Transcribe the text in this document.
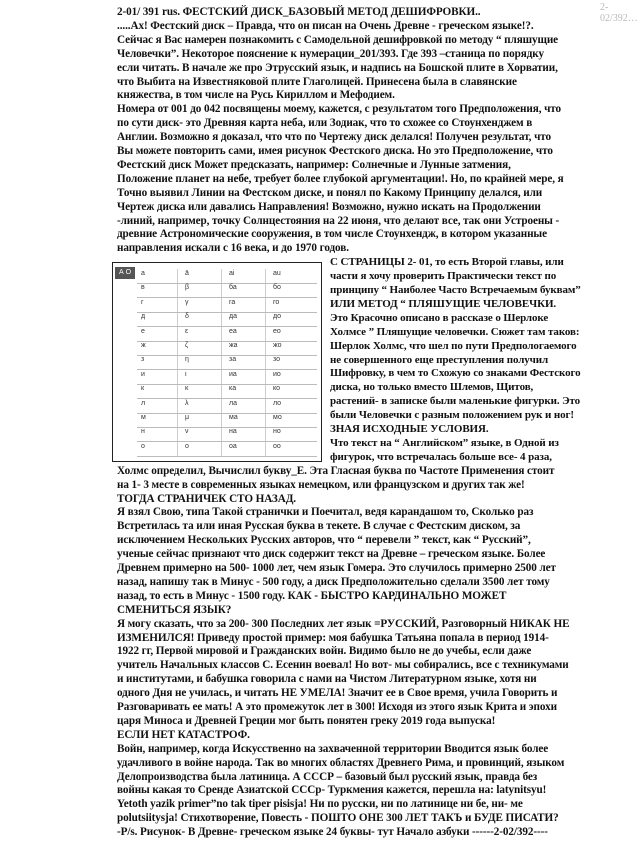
2-02/392…
2-01/ 391 rus. ФЕСТСКИЙ ДИСК_БАЗОВЫЙ МЕТОД ДЕШИФРОВКИ..
.....Ах! Фестский диск – Правда, что он писан на Очень Древне - греческом языке!?.
Сейчас я Вас намерен познакомить с Самодельной дешифровкой по методу “ пляшущие
Человечки”. Некоторое пояснение к нумерации_201/393. Где 393 –станица по порядку
если читать. В начале же про Этрусский язык, и надпись на Бошской плите в Хорватии,
что Выбита на Известняковой плите Глаголицей. Принесена была в славянские
княжества, в том числе на Русь Кириллом и Мефодием.
Номера от 001 до 042 посвящены моему, кажется, с результатом того Предположения, что
по сути диск- это Древняя карта неба, или Зодиак, что то схожее со Стоунхенджем в
Англии. Возможно я доказал, что что по Чертежу диск делался! Получен результат, что
Вы можете повторить сами, имея рисунок Фестского диска. Но это Предположение, что
Фестский диск Может предсказать, например: Солнечные и Лунные затмения,
Положение планет на небе, требует более глубокой аргументации!. Но, по крайней мере, я
Точно выявил Линии на Фестском диске, и понял по Какому Принципу делался, или
Чертеж диска или давались Направления! Возможно, нужно искать на Продолжении
-линий, например, точку Солнцестояния на 22 июня, что делают все, так они Устроены -
древние Астрономические сооружения, в том числе Стоунхендж, в котором указанные
направления искали с 16 века, и до 1970 годов.
С СТРАНИЦЫ 2- 01, то есть Второй главы, или
части я хочу проверить Практически текст по
принципу “ Наиболее Часто Встречаемым буквам”
ИЛИ МЕТОД “ ПЛЯШУЩИЕ ЧЕЛОВЕЧКИ.
Это Красочно описано в рассказе о Шерлоке
Холмсе ” Пляшущие человечки. Сюжет там таков:
Шерлок Холмс, что шел по пути Предпологаемого
не совершенного еще преступления получил
Шифровку, в чем то Схожую со знаками Фестского
диска, но только вместо Шлемов, Щитов,
растений- в записке были маленькие фигурки. Это
были Человечки с разным положением рук и ног!
ЗНАЯ ИСХОДНЫЕ УСЛОВИЯ.
Что текст на “ Английском” языке, в Одной из
фигурок, что встречалась больше все- 4 раза,
Холмс определил, Вычислил букву_Е. Эта Гласная буква по Частоте Применения стоит
на 1- 3 месте в современных языках немецком, или французском и других так же!
ТОГДА СТРАНИЧЕК СТО НАЗАД.
Я взял Свою, типа Такой странички и Поечитал, ведя карандашом то, Сколько раз
Встретилась та или иная Русская буква в текете. В случае с Фестским диском, за
исключением Нескольких Русских авторов, что “ перевели ” текст, как “ Русский”,
ученые сейчас признают что диск содержит текст на Древне – греческом языке. Более
Древнем примерно на 500- 1000 лет, чем язык Гомера. Это случилось примерно 2500 лет
назад, напишу так в Минус - 500 году, а диск Предположительно сделали 3500 лет тому
назад, то есть в Минус - 1500 году. КАК - БЫСТРО КАРДИНАЛЬНО МОЖЕТ
СМЕНИТЬСЯ ЯЗЫК?
Я могу сказать, что за 200- 300 Последних лет язык =РУССКИЙ, Разговорный НИКАК НЕ
ИЗМЕНИЛСЯ! Приведу простой пример: моя бабушка Татьяна попала в период 1914-
1922 гг, Первой мировой и Гражданских войн. Видимо было не до учебы, если даже
учитель Начальных классов С. Есенин воевал! Но вот- мы собирались, все с техникумами
и институтами, и бабушка говорила с нами на Чистом Литературном языке, хотя ни
одного Дня не училась, и читать НЕ УМЕЛА! Значит ее в Свое время, учила Говорить и
Разговаривать ее мать! А это промежуток лет в 300! Исходя из этого язык Крита и эпохи
царя Миноса и Древней Греции мог быть понятен греку 2019 года выпуска!
ЕСЛИ НЕТ КАТАСТРОФ.
Войн, например, когда Искусственно на захваченной территории Вводится язык более
удачливого в войне народа. Так во многих областях Древнего Рима, и провинций, языком
Делопроизводства была латиница. А СССР – базовый был русский язык, правда без
войны какая то Сренде Азиатской СССр- Туркмения кажется, перешла на: latynitsyu!
Yetoth yazik primer”no tak tiper pisisja! Ни по русски, ни по латинице ни бе, ни- ме
polutsiitysja! Стихотворение, Повесть - ПОШТО ОНЕ 300 ЛЕТ ТАКЪ и БУДЕ ПИСАТИ?
-P/s. Рисунок- В Древне- греческом языке 24 буквы- тут Начало азбуки ------2-02/392----
А О	а	ā	ai	au
в	β	ба	бо
г	γ	га	го
д	δ	да	до
е	ε	ea	eo
ж	ζ	жа	жо
з	η	за	зо
и	ι	иа	ио
к	κ	ка	ко
л	λ	ла	ло
м	μ	ма	мо
н	ν	на	но
о	ο	оа	оо
